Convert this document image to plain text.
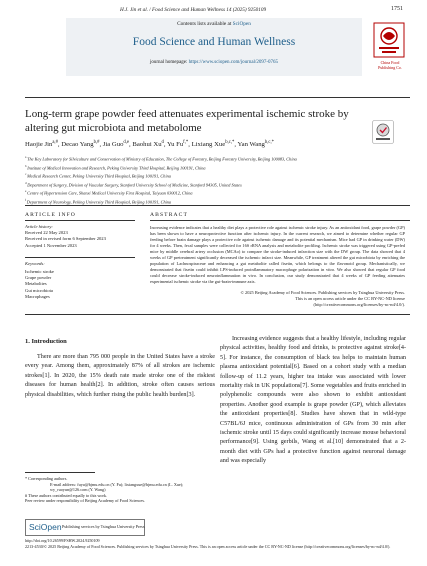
H.J. Jin et al. / Food Science and Human Wellness 14 (2025) 9250109	1751
Contents lists available at SciOpen
Food Science and Human Wellness
journal homepage: https://www.sciopen.com/journal/2097-0765	China Food
Publishing Co.
Long-term grape powder feed attenuates experimental ischemic stroke by altering gut microbiota and metabolome
Haojie Jin$^{a,\#}$, Decao Yang$^{b,\#}$, Jia Guo$^{d,e}$, Baohui Xu$^d$, Yu $Fu^{f,*}$, Lixiang Xue$^{b,c,*}$, Yan Wang$^{b,c,*}$
$^a$ The Key Laboratory for Silviculture and Conservation of Ministry of Education, The College of Forestry, Beijing Forestry University, Beijing 100083, China
$^b$ Institute of Medical Innovation and Research, Peking University Third Hospital, Beijing 100191, China
$^c$ Medical Research Center, Peking University Third Hospital, Beijing 100191, China
$^d$ Department of Surgery, Division of Vascular Surgery, Stanford University School of Medicine, Stanford 94305, United States
$^e$ Centre of Hypertension Care, Shanxi Medical University First Hospital, Taiyuan 030012, China
$^f$ Department of Neurology, Peking University Third Hospital, Beijing 100191, China
ARTICLE INFO
Article history:
Received 22 May 2023
Received in revised form 6 September 2023
Accepted 1 November 2023
Keywords:
Ischemic stroke
Grape powder
Metabolites
Gut microbiota
Macrophages
ABSTRACT
Increasing evidence indicates that a healthy diet plays a protective role against ischemic stroke injury. As an antioxidant food, grape powder (GP) has been shown to have a neuroprotective function after ischemic injury. In the current research, we aimed to determine whether regular GP feeding before brain damage plays a protective role against ischemic damage and its potential mechanism. Mice had GP in drinking water (DW) for 4 weeks. Then, fecal samples were collected for 16S rRNA analysis and metabolite profiling. Ischemic stroke was triggered using GP-prefed mice by middle cerebral artery occlusion (MCAo) to compare the stroke-induced infarction size with the DW group. The data showed that 4 weeks of GP pretreatment significantly decreased the ischemic infarct size. Meanwhile, GP treatment altered the gut microbiota by enriching the population of Lachnospiraceae and enhancing a gut metabolite called fisetin, which belongs to the flavonoid group. Mechanistically, we demonstrated that fisetin could inhibit LPS-induced proinflammatory macrophage polarization in vitro. We also showed that regular GP food could decrease stroke-induced neuroinflammation in vivo. In conclusion, our study demonstrated that 4 weeks of GP feeding attenuates experimental ischemic stroke via the gut-brain-immune axis.
© 2025 Beijing Academy of Food Sciences. Publishing services by Tsinghua University Press.
This is an open access article under the CC BY-NC-ND license
(http://creativecommons.org/licenses/by-nc-nd/4.0/).
1. Introduction
There are more than 795 000 people in the United States have a stroke every year. Among them, approximately 87% of all strokes are ischemic strokes[1]. In 2020, the 15% death rate made stroke one of the riskiest diseases for human health[2]. In addition, stroke often causes serious physical disabilities, which further rising the public health burden[3].
Increasing evidence suggests that a healthy lifestyle, including regular physical activities, healthy food and drinks, is protective against stroke[4-5]. For instance, the consumption of black tea helps to maintain human plasma antioxidant potential[6]. Based on a cohort study with a median follow-up of 11.2 years, higher tea intake was associated with lower mortality risk in UK populations[7]. Some vegetables and fruits enriched in polyphenolic compounds were also shown to exhibit antioxidant properties. Another good example is grape powder (GP), which alleviates the antioxidant properties[8]. Studies have shown that in wild-type C57BL/6J mice, continuous administration of GPs from 30 min after ischemic stroke until 15 days could significantly increase mouse behavioral performance[9]. Using gerbils, Wang et al.[10] demonstrated that a 2-month diet with GPs had a protective function against neuronal damage and was especially
* Corresponding authors.
E-mail address: fuyu@bjmu.edu.cn (Y. Fu); lixiangxue@bjmu.edu.cn (L. Xue); wy_ruoyun@126.com (Y. Wang)
# These authors contributed equally to this work.
Peer review under responsibility of Beijing Academy of Food Sciences.
SciOpen Publishing services by Tsinghua University Press
http://doi.org/10.26599/FSHW.2024.9250109
2213-4530/© 2025 Beijing Academy of Food Sciences. Publishing services by Tsinghua University Press. This is an open access article under the CC BY-NC-ND license (http://creativecommons.org/licenses/by-nc-nd/4.0/).
